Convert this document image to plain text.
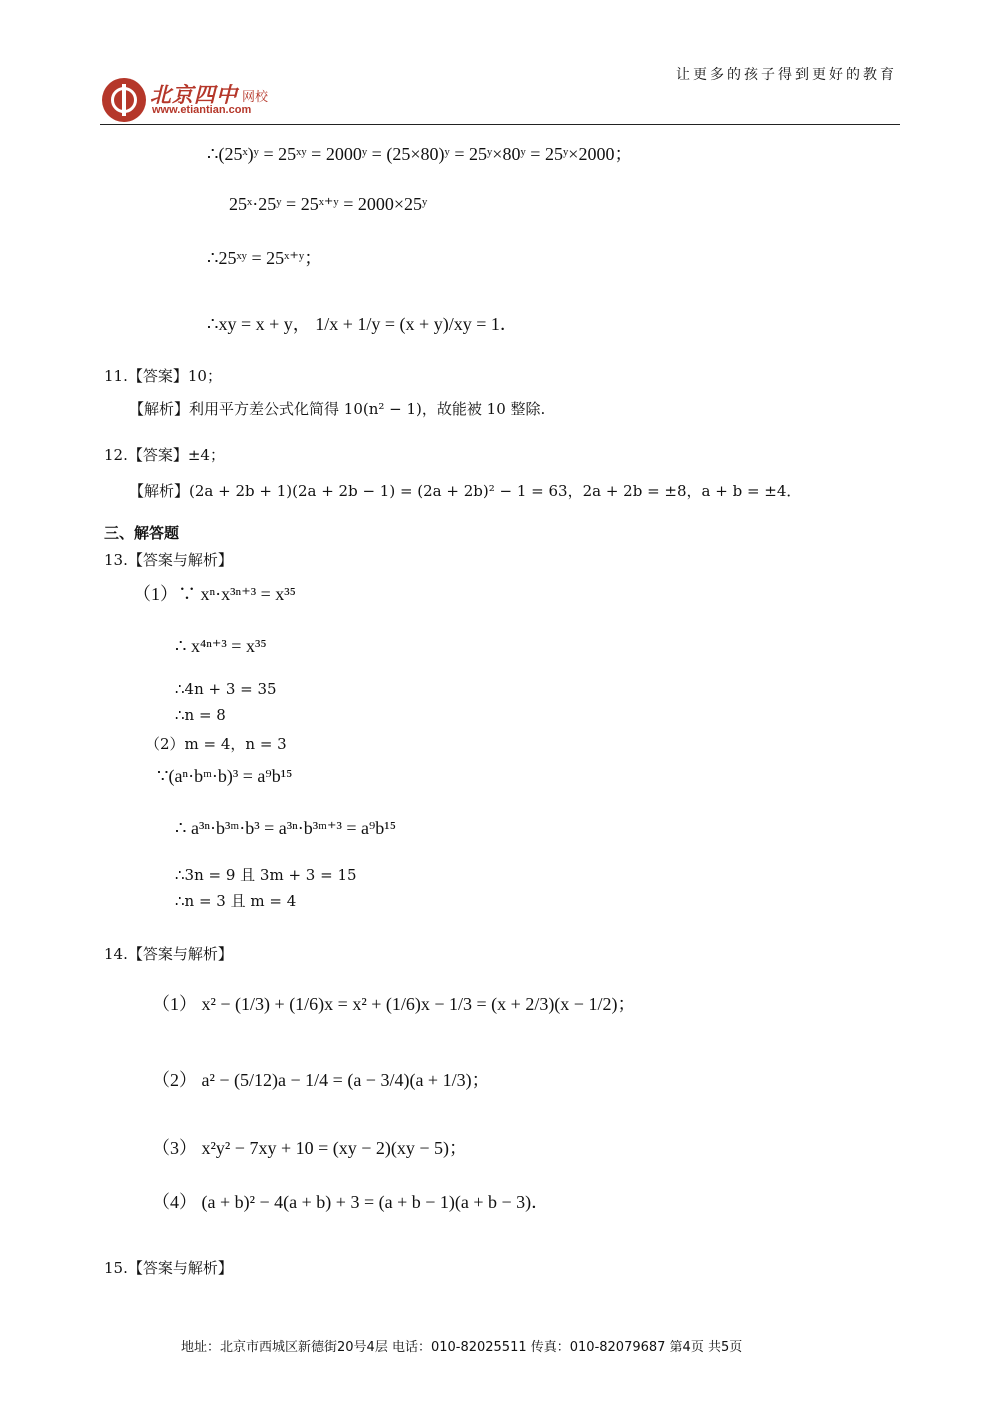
北京四中 网校
www.etiantian.com
让更多的孩子得到更好的教育
∴(25ˣ)ʸ = 25ˣʸ = 2000ʸ = (25×80)ʸ = 25ʸ×80ʸ = 25ʸ×2000；
25ˣ·25ʸ = 25ˣ⁺ʸ = 2000×25ʸ
∴25ˣʸ = 25ˣ⁺ʸ；
∴xy = x + y， 1/x + 1/y = (x + y)/xy = 1．
11.【答案】10；
【解析】利用平方差公式化简得 10(n² − 1)，故能被 10 整除.
12.【答案】±4；
【解析】(2a + 2b + 1)(2a + 2b − 1) = (2a + 2b)² − 1 = 63，2a + 2b = ±8，a + b = ±4．
三、解答题
13.【答案与解析】
（1）∵ xⁿ·x³ⁿ⁺³ = x³⁵
∴ x⁴ⁿ⁺³ = x³⁵
∴4n + 3 = 35
∴n = 8
（2）m = 4，n = 3
∵(aⁿ·bᵐ·b)³ = a⁹b¹⁵
∴ a³ⁿ·b³ᵐ·b³ = a³ⁿ·b³ᵐ⁺³ = a⁹b¹⁵
∴3n = 9 且 3m + 3 = 15
∴n = 3 且 m = 4
14.【答案与解析】
（1） x² − (1/3) + (1/6)x = x² + (1/6)x − 1/3 = (x + 2/3)(x − 1/2)；
（2） a² − (5/12)a − 1/4 = (a − 3/4)(a + 1/3)；
（3） x²y² − 7xy + 10 = (xy − 2)(xy − 5)；
（4） (a + b)² − 4(a + b) + 3 = (a + b − 1)(a + b − 3)．
15.【答案与解析】
地址：北京市西城区新德街20号4层 电话：010-82025511 传真：010-82079687 第4页 共5页
